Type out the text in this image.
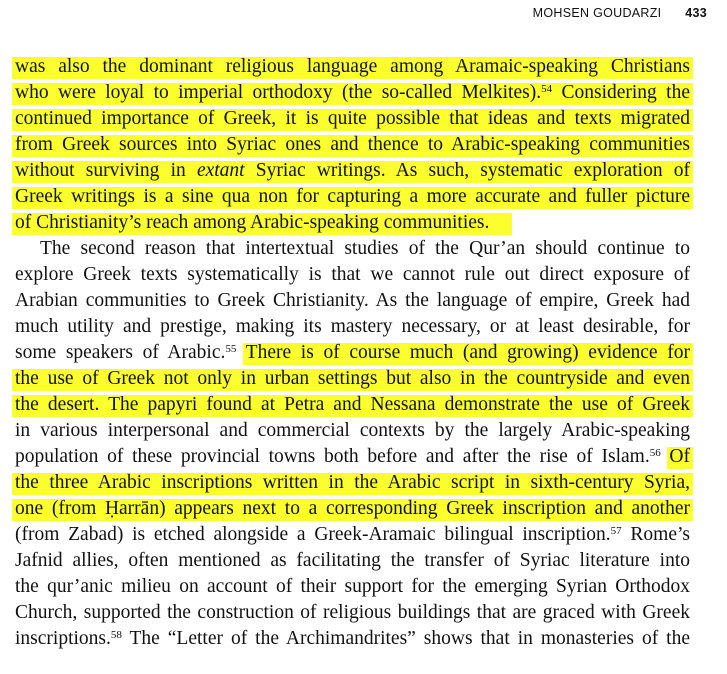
MOHSEN GOUDARZI 433
was also the dominant religious language among Aramaic-speaking Christians
who were loyal to imperial orthodoxy (the so-called Melkites).$^{54}$ Considering the
continued importance of Greek, it is quite possible that ideas and texts migrated
from Greek sources into Syriac ones and thence to Arabic-speaking communities
without surviving in extant Syriac writings. As such, systematic exploration of
Greek writings is a sine qua non for capturing a more accurate and fuller picture
of Christianity’s reach among Arabic-speaking communities.
The second reason that intertextual studies of the Qur’an should continue to
explore Greek texts systematically is that we cannot rule out direct exposure of
Arabian communities to Greek Christianity. As the language of empire, Greek had
much utility and prestige, making its mastery necessary, or at least desirable, for
some speakers of Arabic.$^{55}$ There is of course much (and growing) evidence for
the use of Greek not only in urban settings but also in the countryside and even
the desert. The papyri found at Petra and Nessana demonstrate the use of Greek
in various interpersonal and commercial contexts by the largely Arabic-speaking
population of these provincial towns both before and after the rise of Islam.$^{56}$ Of
the three Arabic inscriptions written in the Arabic script in sixth-century Syria,
one (from Ḥarrān) appears next to a corresponding Greek inscription and another
(from Zabad) is etched alongside a Greek-Aramaic bilingual inscription.$^{57}$ Rome’s
Jafnid allies, often mentioned as facilitating the transfer of Syriac literature into
the qur’anic milieu on account of their support for the emerging Syrian Orthodox
Church, supported the construction of religious buildings that are graced with Greek
inscriptions.$^{58}$ The “Letter of the Archimandrites” shows that in monasteries of the
